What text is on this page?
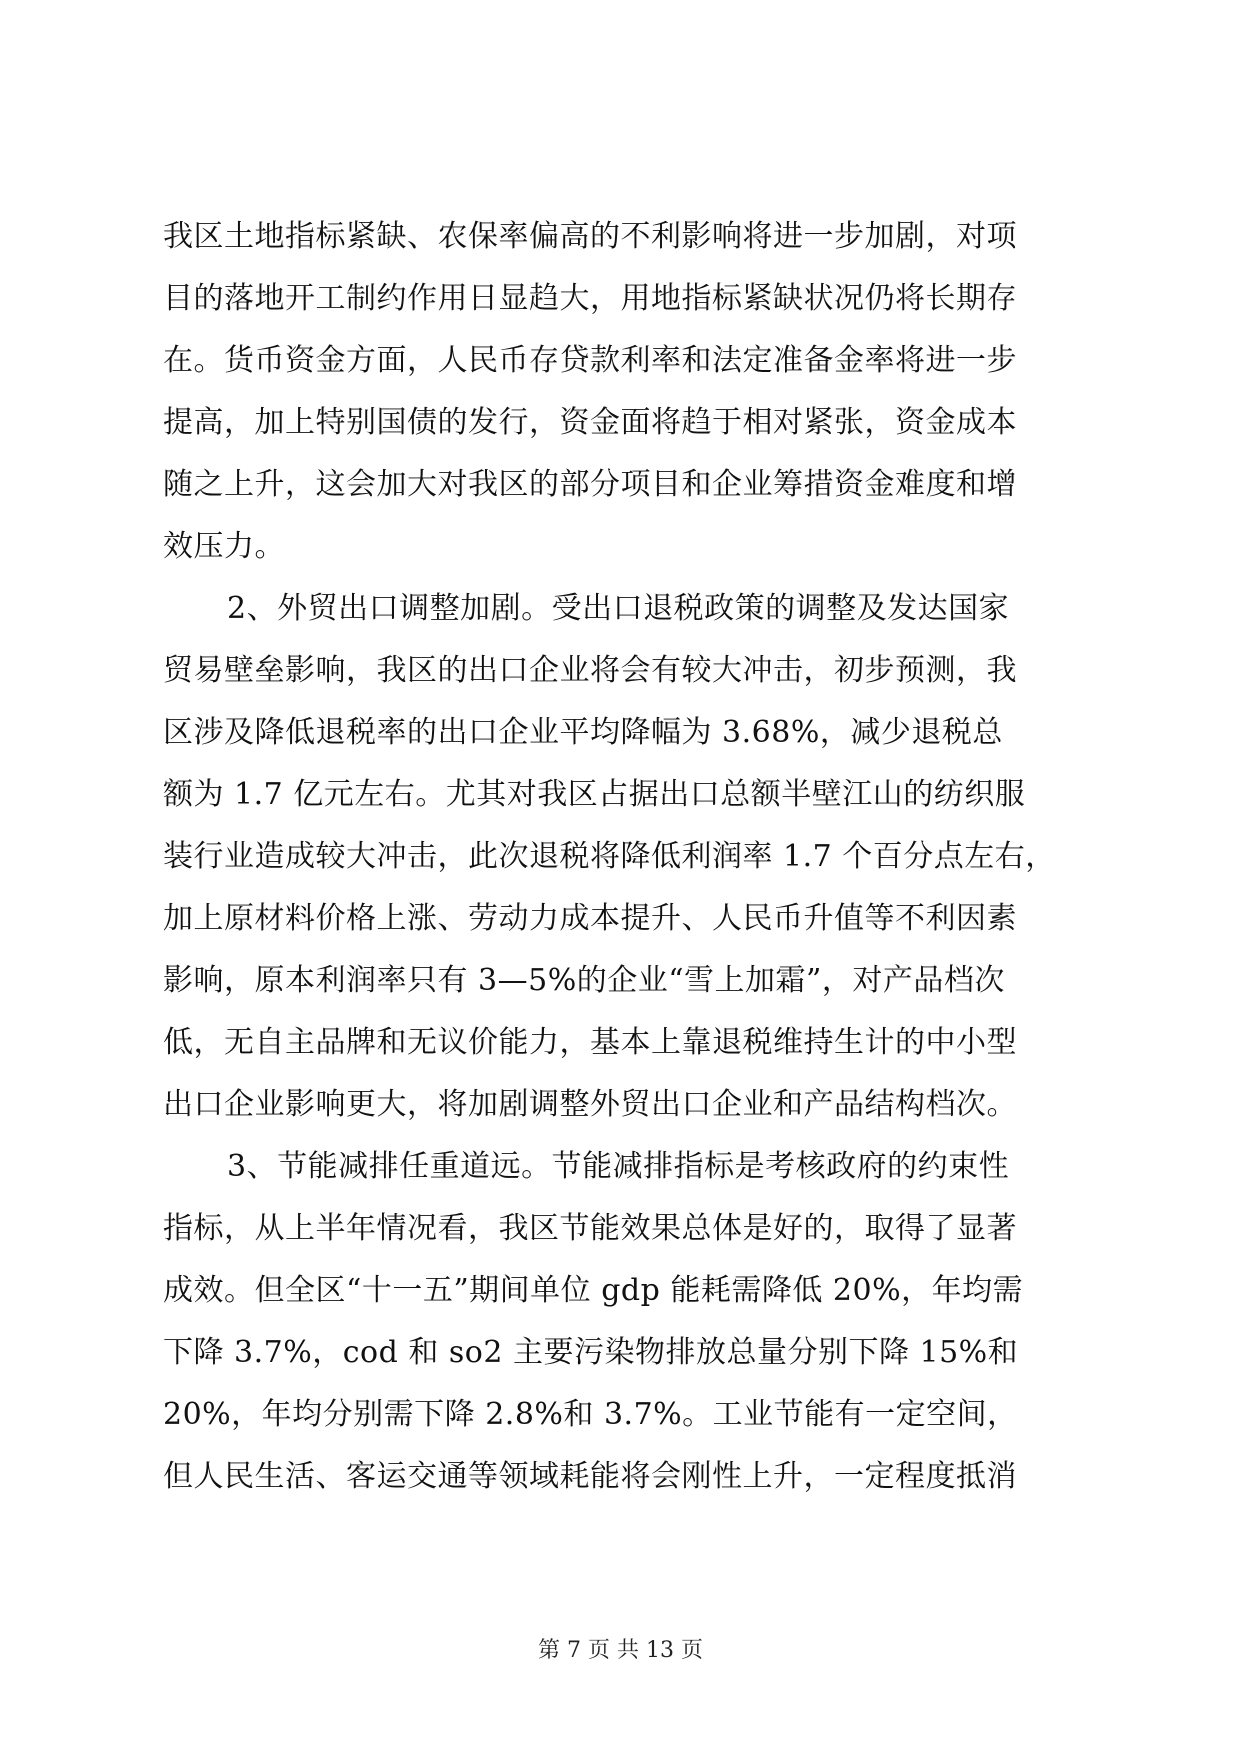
我区土地指标紧缺、农保率偏高的不利影响将进一步加剧，对项
目的落地开工制约作用日显趋大，用地指标紧缺状况仍将长期存
在。货币资金方面，人民币存贷款利率和法定准备金率将进一步
提高，加上特别国债的发行，资金面将趋于相对紧张，资金成本
随之上升，这会加大对我区的部分项目和企业筹措资金难度和增
效压力。
2、外贸出口调整加剧。受出口退税政策的调整及发达国家
贸易壁垒影响，我区的出口企业将会有较大冲击，初步预测，我
区涉及降低退税率的出口企业平均降幅为 3.68%，减少退税总
额为 1.7 亿元左右。尤其对我区占据出口总额半壁江山的纺织服
装行业造成较大冲击，此次退税将降低利润率 1.7 个百分点左右，
加上原材料价格上涨、劳动力成本提升、人民币升值等不利因素
影响，原本利润率只有 3—5%的企业“雪上加霜”，对产品档次
低，无自主品牌和无议价能力，基本上靠退税维持生计的中小型
出口企业影响更大，将加剧调整外贸出口企业和产品结构档次。
3、节能减排任重道远。节能减排指标是考核政府的约束性
指标，从上半年情况看，我区节能效果总体是好的，取得了显著
成效。但全区“十一五”期间单位 gdp 能耗需降低 20%，年均需
下降 3.7%，cod 和 so2 主要污染物排放总量分别下降 15%和
20%，年均分别需下降 2.8%和 3.7%。工业节能有一定空间，
但人民生活、客运交通等领域耗能将会刚性上升，一定程度抵消
第 7 页 共 13 页
